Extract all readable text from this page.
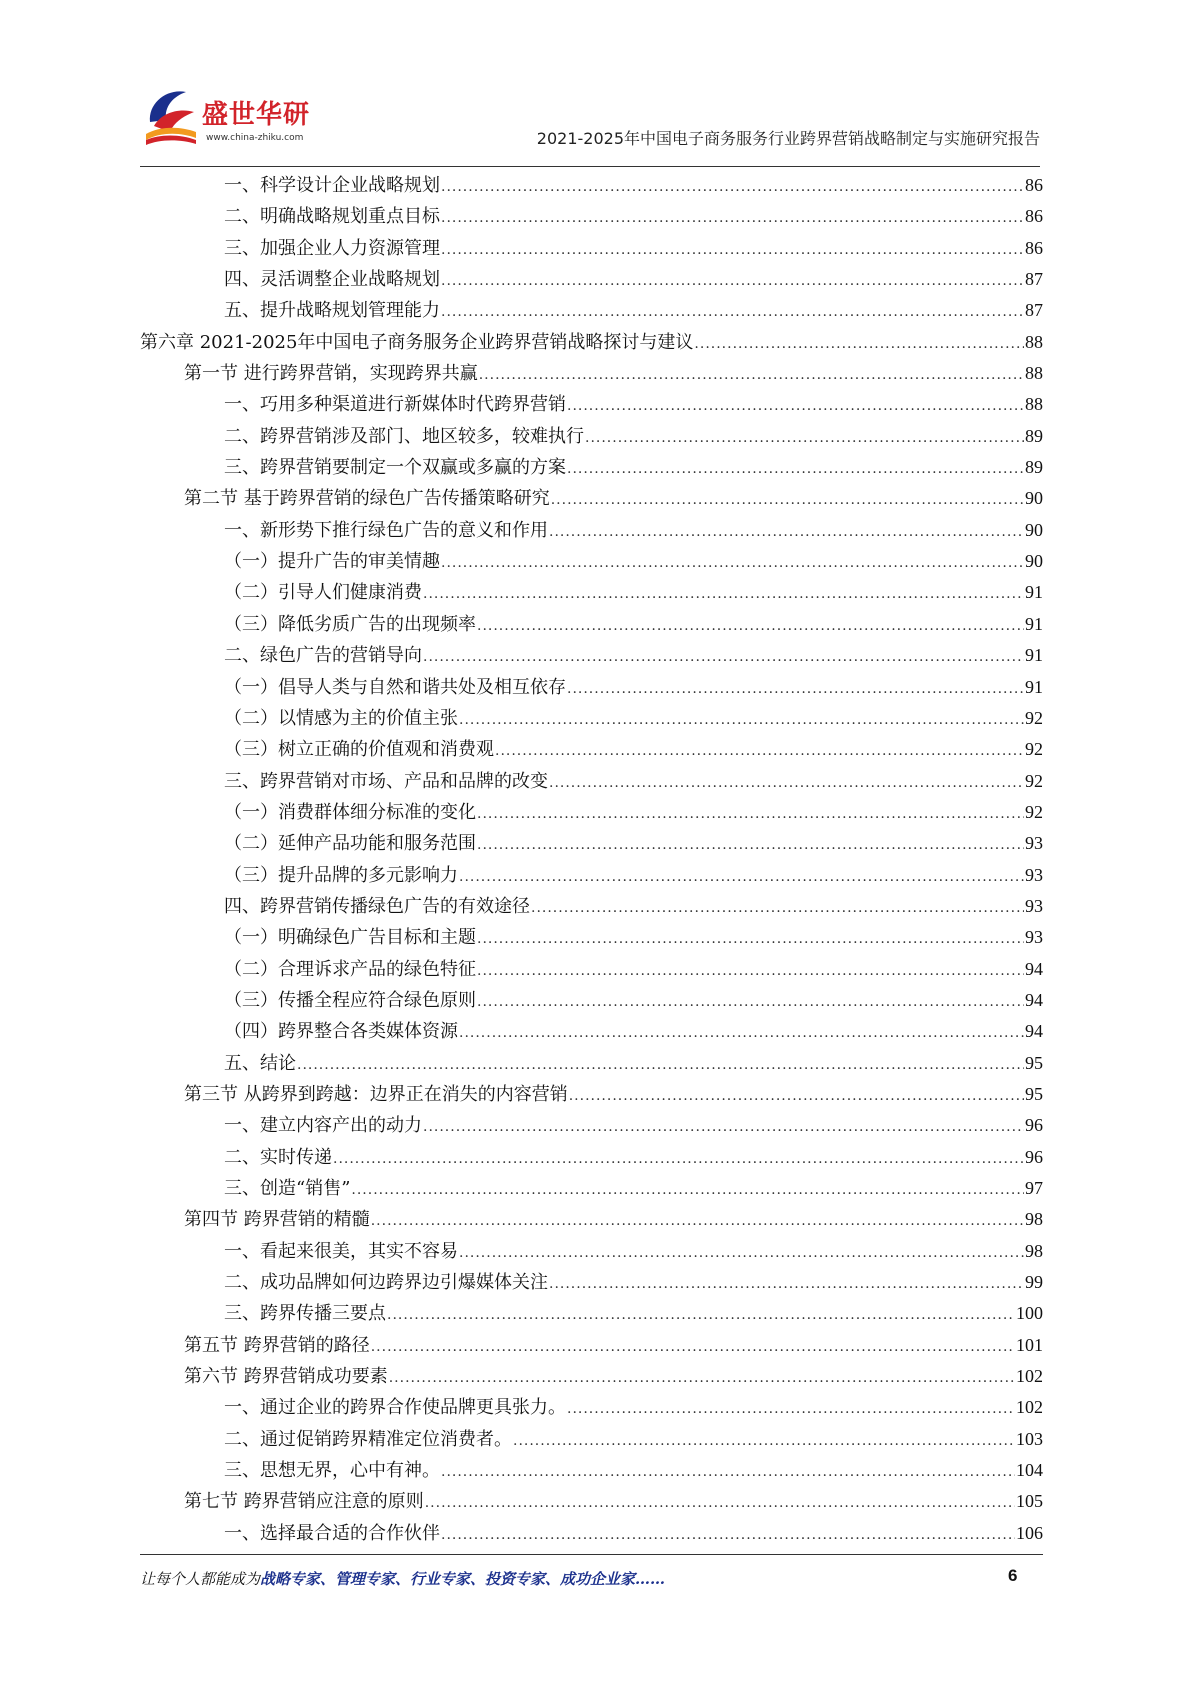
盛世华研
www.china-zhiku.com	2021-2025年中国电子商务服务行业跨界营销战略制定与实施研究报告
一、科学设计企业战略规划 .....	86
二、明确战略规划重点目标 .....	86
三、加强企业人力资源管理 .....	86
四、灵活调整企业战略规划 .....	87
五、提升战略规划管理能力 .....	87
第六章 2021-2025年中国电子商务服务企业跨界营销战略探讨与建议 .....	88
第一节 进行跨界营销，实现跨界共赢 .....	88
一、巧用多种渠道进行新媒体时代跨界营销 .....	88
二、跨界营销涉及部门、地区较多，较难执行 .....	89
三、跨界营销要制定一个双赢或多赢的方案 .....	89
第二节 基于跨界营销的绿色广告传播策略研究 .....	90
一、新形势下推行绿色广告的意义和作用 .....	90
（一）提升广告的审美情趣 .....	90
（二）引导人们健康消费 .....	91
（三）降低劣质广告的出现频率 .....	91
二、绿色广告的营销导向 .....	91
（一）倡导人类与自然和谐共处及相互依存 .....	91
（二）以情感为主的价值主张 .....	92
（三）树立正确的价值观和消费观 .....	92
三、跨界营销对市场、产品和品牌的改变 .....	92
（一）消费群体细分标准的变化 .....	92
（二）延伸产品功能和服务范围 .....	93
（三）提升品牌的多元影响力 .....	93
四、跨界营销传播绿色广告的有效途径 .....	93
（一）明确绿色广告目标和主题 .....	93
（二）合理诉求产品的绿色特征 .....	94
（三）传播全程应符合绿色原则 .....	94
（四）跨界整合各类媒体资源 .....	94
五、结论 .....	95
第三节 从跨界到跨越：边界正在消失的内容营销 .....	95
一、建立内容产出的动力 .....	96
二、实时传递 .....	96
三、创造“销售” .....	97
第四节 跨界营销的精髓 .....	98
一、看起来很美，其实不容易 .....	98
二、成功品牌如何边跨界边引爆媒体关注 .....	99
三、跨界传播三要点 .....	100
第五节 跨界营销的路径 .....	101
第六节 跨界营销成功要素 .....	102
一、通过企业的跨界合作使品牌更具张力。 .....	102
二、通过促销跨界精准定位消费者。 .....	103
三、思想无界，心中有神。 .....	104
第七节 跨界营销应注意的原则 .....	105
一、选择最合适的合作伙伴 .....	106
让每个人都能成为战略专家、管理专家、行业专家、投资专家、成功企业家……	6
